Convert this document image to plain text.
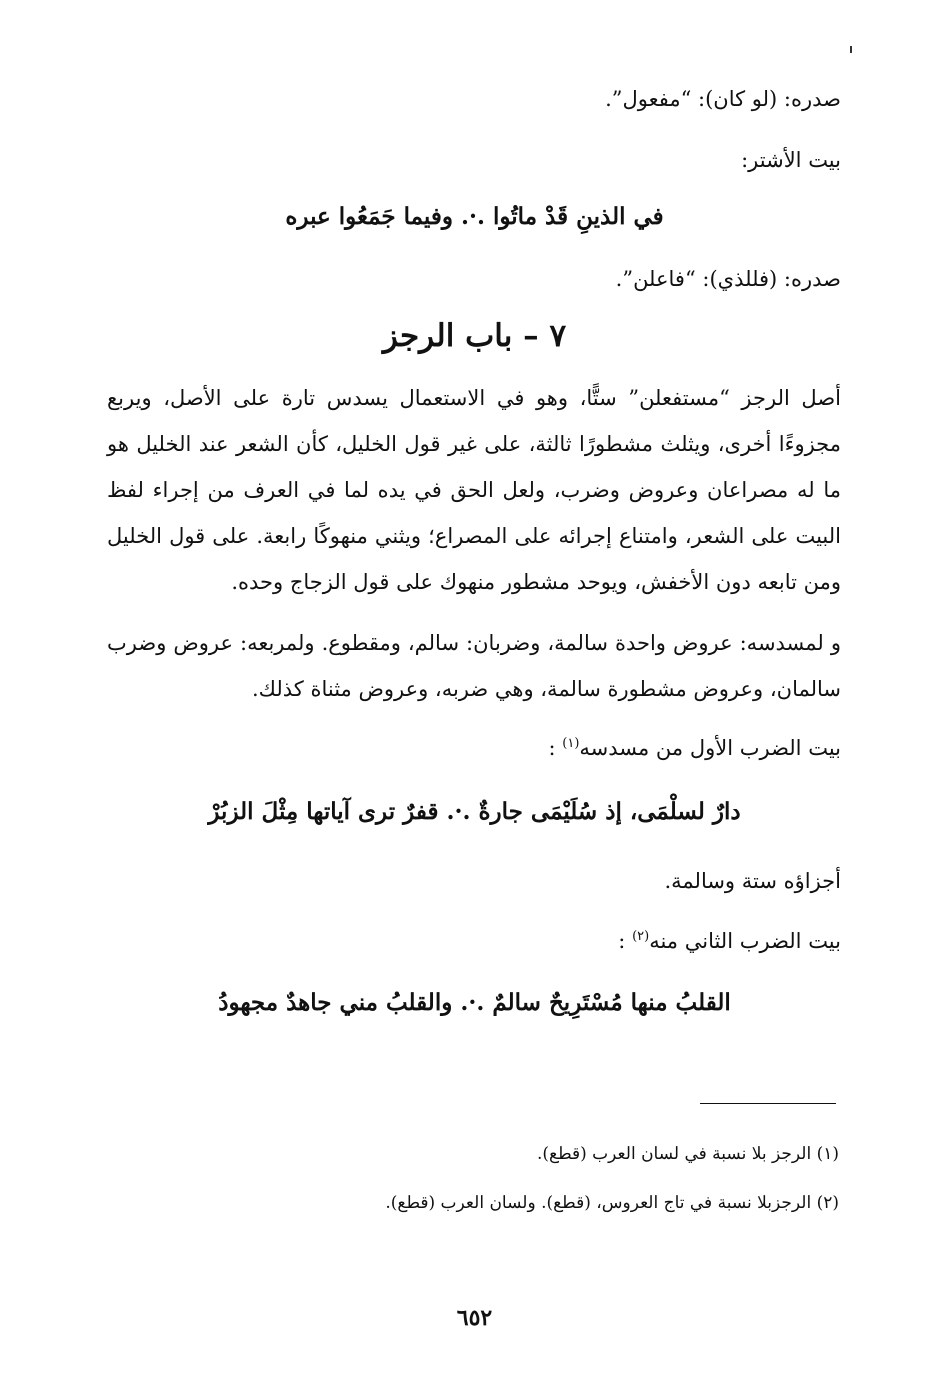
صدره: (لو كان): “مفعول”.
بيت الأشتر:
في الذينِ قَدْ ماتُوا .·. وفيما جَمَعُوا عبره
صدره: (فللذي): “فاعلن”.
٧ – باب الرجز
أصل الرجز “مستفعلن” ستًّا، وهو في الاستعمال يسدس تارة على الأصل، ويربع مجزوءًا أخرى، ويثلث مشطورًا ثالثة، على غير قول الخليل، كأن الشعر عند الخليل هو ما له مصراعان وعروض وضرب، ولعل الحق في يده لما في العرف من إجراء لفظ البيت على الشعر، وامتناع إجرائه على المصراع؛ ويثني منهوكًا رابعة. على قول الخليل ومن تابعه دون الأخفش، ويوحد مشطور منهوك على قول الزجاج وحده.
و لمسدسه: عروض واحدة سالمة، وضربان: سالم، ومقطوع. ولمربعه: عروض وضرب سالمان، وعروض مشطورة سالمة، وهي ضربه، وعروض مثناة كذلك.
بيت الضرب الأول من مسدسه$^{(١)}$ :
دارٌ لسلْمَى، إذ سُلَيْمَى جارةٌ .·. قفرٌ ترى آياتها مِثْلَ الزبُرْ
أجزاؤه ستة وسالمة.
بيت الضرب الثاني منه$^{(٢)}$ :
القلبُ منها مُسْتَرِيحٌ سالمٌ .·. والقلبُ مني جاهدٌ مجهودُ
(١) الرجز بلا نسبة في لسان العرب (قطع).
(٢) الرجزبلا نسبة في تاج العروس، (قطع). ولسان العرب (قطع).
٦٥٢
